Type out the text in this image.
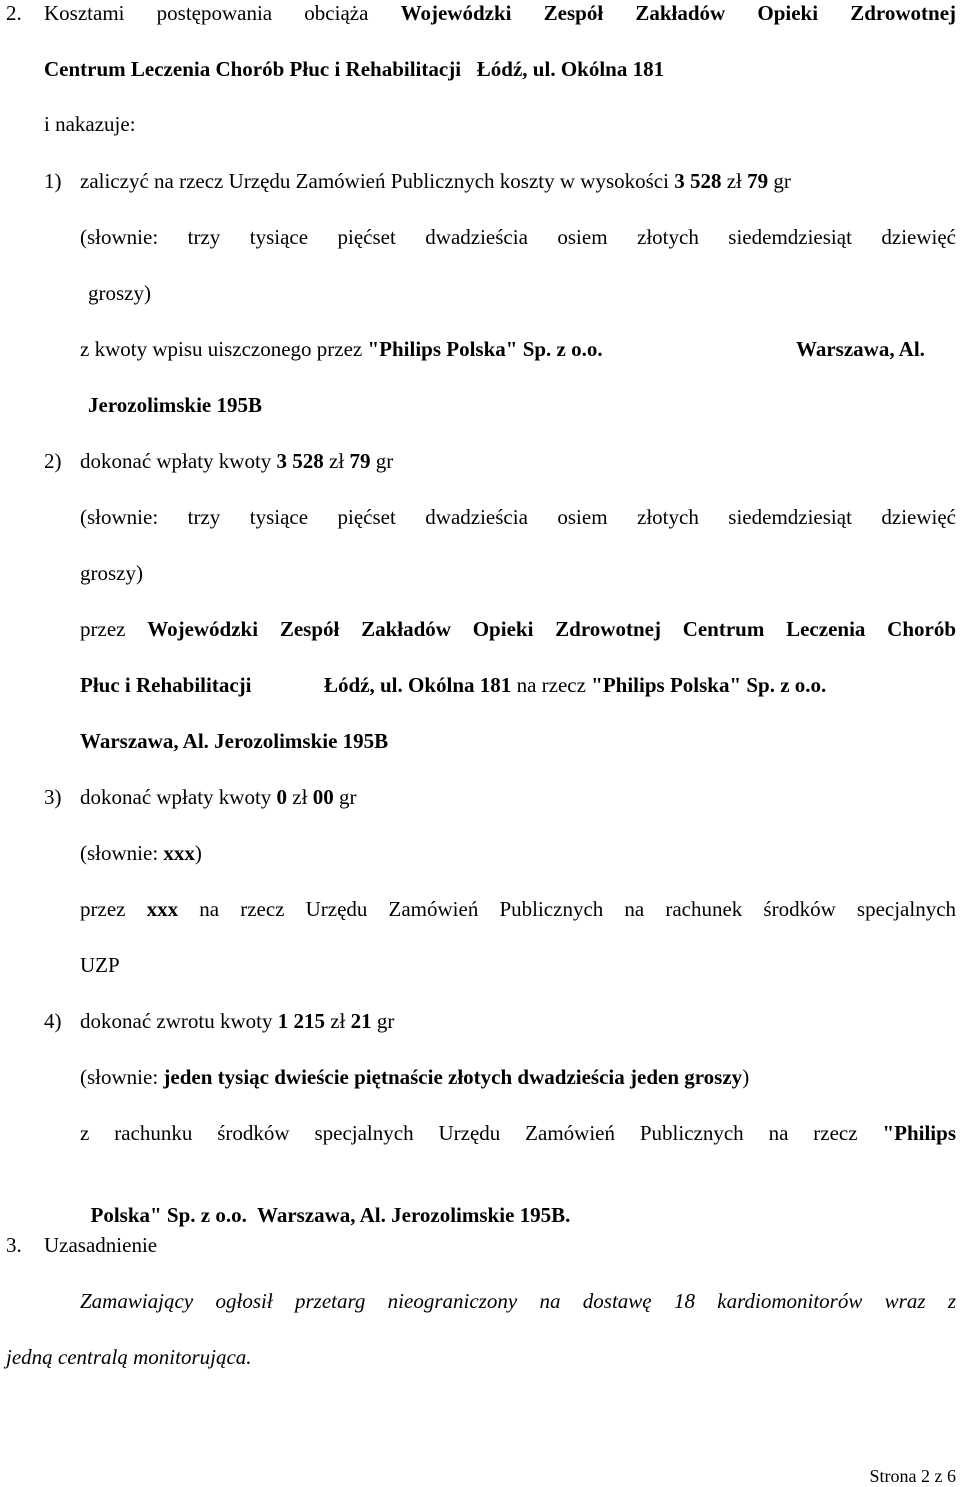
2. Kosztami postępowania obciąża Wojewódzki Zespół Zakładów Opieki Zdrowotnej
Centrum Leczenia Chorób Płuc i Rehabilitacji Łódź, ul. Okólna 181
i nakazuje:
1) zaliczyć na rzecz Urzędu Zamówień Publicznych koszty w wysokości 3 528 zł 79 gr
(słownie: trzy tysiące pięćset dwadzieścia osiem złotych siedemdziesiąt dziewięć
groszy)
z kwoty wpisu uiszczonego przez "Philips Polska" Sp. z o.o.	Warszawa, Al.
Jerozolimskie 195B
2) dokonać wpłaty kwoty 3 528 zł 79 gr
(słownie: trzy tysiące pięćset dwadzieścia osiem złotych siedemdziesiąt dziewięć
groszy)
przez Wojewódzki Zespół Zakładów Opieki Zdrowotnej Centrum Leczenia Chorób
Płuc i Rehabilitacji	Łódź, ul. Okólna 181 na rzecz "Philips Polska" Sp. z o.o.
Warszawa, Al. Jerozolimskie 195B
3) dokonać wpłaty kwoty 0 zł 00 gr
(słownie: xxx)
przez xxx na rzecz Urzędu Zamówień Publicznych na rachunek środków specjalnych
UZP
4) dokonać zwrotu kwoty 1 215 zł 21 gr
(słownie: jeden tysiąc dwieście piętnaście złotych dwadzieścia jeden groszy)
z rachunku środków specjalnych Urzędu Zamówień Publicznych na rzecz "Philips

Polska" Sp. z o.o.  Warszawa, Al. Jerozolimskie 195B.

3. Uzasadnienie
Zamawiający ogłosił przetarg nieograniczony na dostawę 18 kardiomonitorów wraz z
jedną centralą monitorująca.
Strona 2 z 6
